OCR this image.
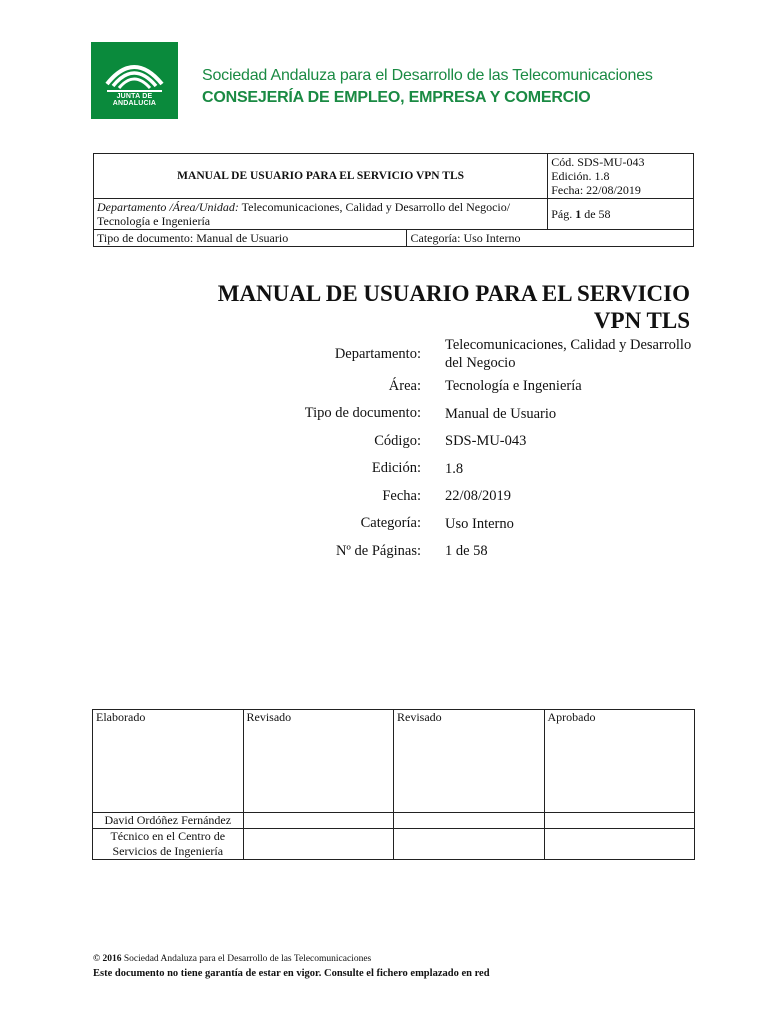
JUNTA DE ANDALUCIA
Sociedad Andaluza para el Desarrollo de las Telecomunicaciones
CONSEJERÍA DE EMPLEO, EMPRESA Y COMERCIO
MANUAL DE USUARIO PARA EL SERVICIO VPN TLS		Cód. SDS-MU-043
Edición. 1.8
Fecha: 22/08/2019

Departamento /Área/Unidad: Telecomunicaciones, Calidad y Desarrollo del Negocio/ Tecnología e Ingeniería		Pág. 1 de 58
Tipo de documento: Manual de Usuario	Categoría: Uso Interno	
MANUAL DE USUARIO PARA EL SERVICIO
VPN TLS
Departamento:
Telecomunicaciones, Calidad y Desarrollo del Negocio
Área:	Tecnología e Ingeniería
Tipo de documento:	Manual de Usuario
Código:	SDS-MU-043
Edición:	1.8
Fecha:	22/08/2019
Categoría:	Uso Interno
Nº de Páginas:	1 de 58
Elaborado	Revisado	Revisado	Aprobado
David Ordóñez Fernández			
Técnico en el Centro de Servicios de Ingeniería			
© 2016 Sociedad Andaluza para el Desarrollo de las Telecomunicaciones
Este documento no tiene garantía de estar en vigor. Consulte el fichero emplazado en red
